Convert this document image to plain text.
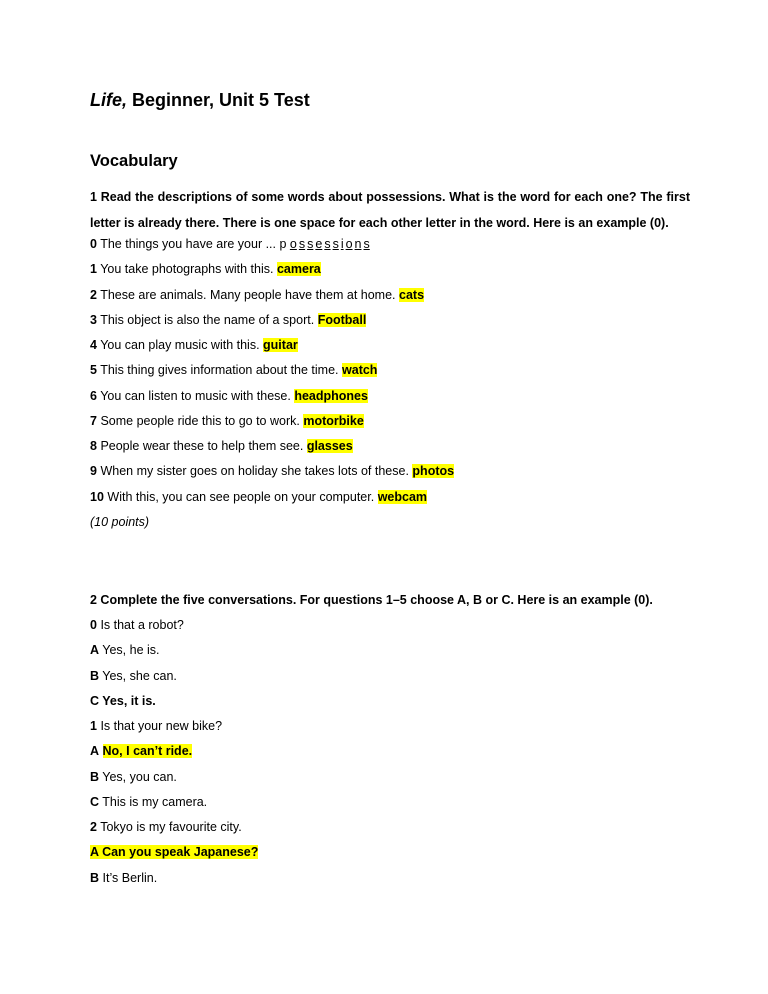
Life, Beginner, Unit 5 Test
Vocabulary
1 Read the descriptions of some words about possessions. What is the word for each one? The first letter is already there. There is one space for each other letter in the word. Here is an example (0).
0 The things you have are your ... p o s s e s s i o n s
1 You take photographs with this. camera
2 These are animals. Many people have them at home. cats
3 This object is also the name of a sport. Football
4 You can play music with this. guitar
5 This thing gives information about the time. watch
6 You can listen to music with these. headphones
7 Some people ride this to go to work. motorbike
8 People wear these to help them see. glasses
9 When my sister goes on holiday she takes lots of these. photos
10 With this, you can see people on your computer. webcam
(10 points)
2 Complete the five conversations. For questions 1–5 choose A, B or C. Here is an example (0).
0 Is that a robot?
A Yes, he is.
B Yes, she can.
C Yes, it is.
1 Is that your new bike?
A No, I can’t ride.
B Yes, you can.
C This is my camera.
2 Tokyo is my favourite city.
A Can you speak Japanese?
B It’s Berlin.
